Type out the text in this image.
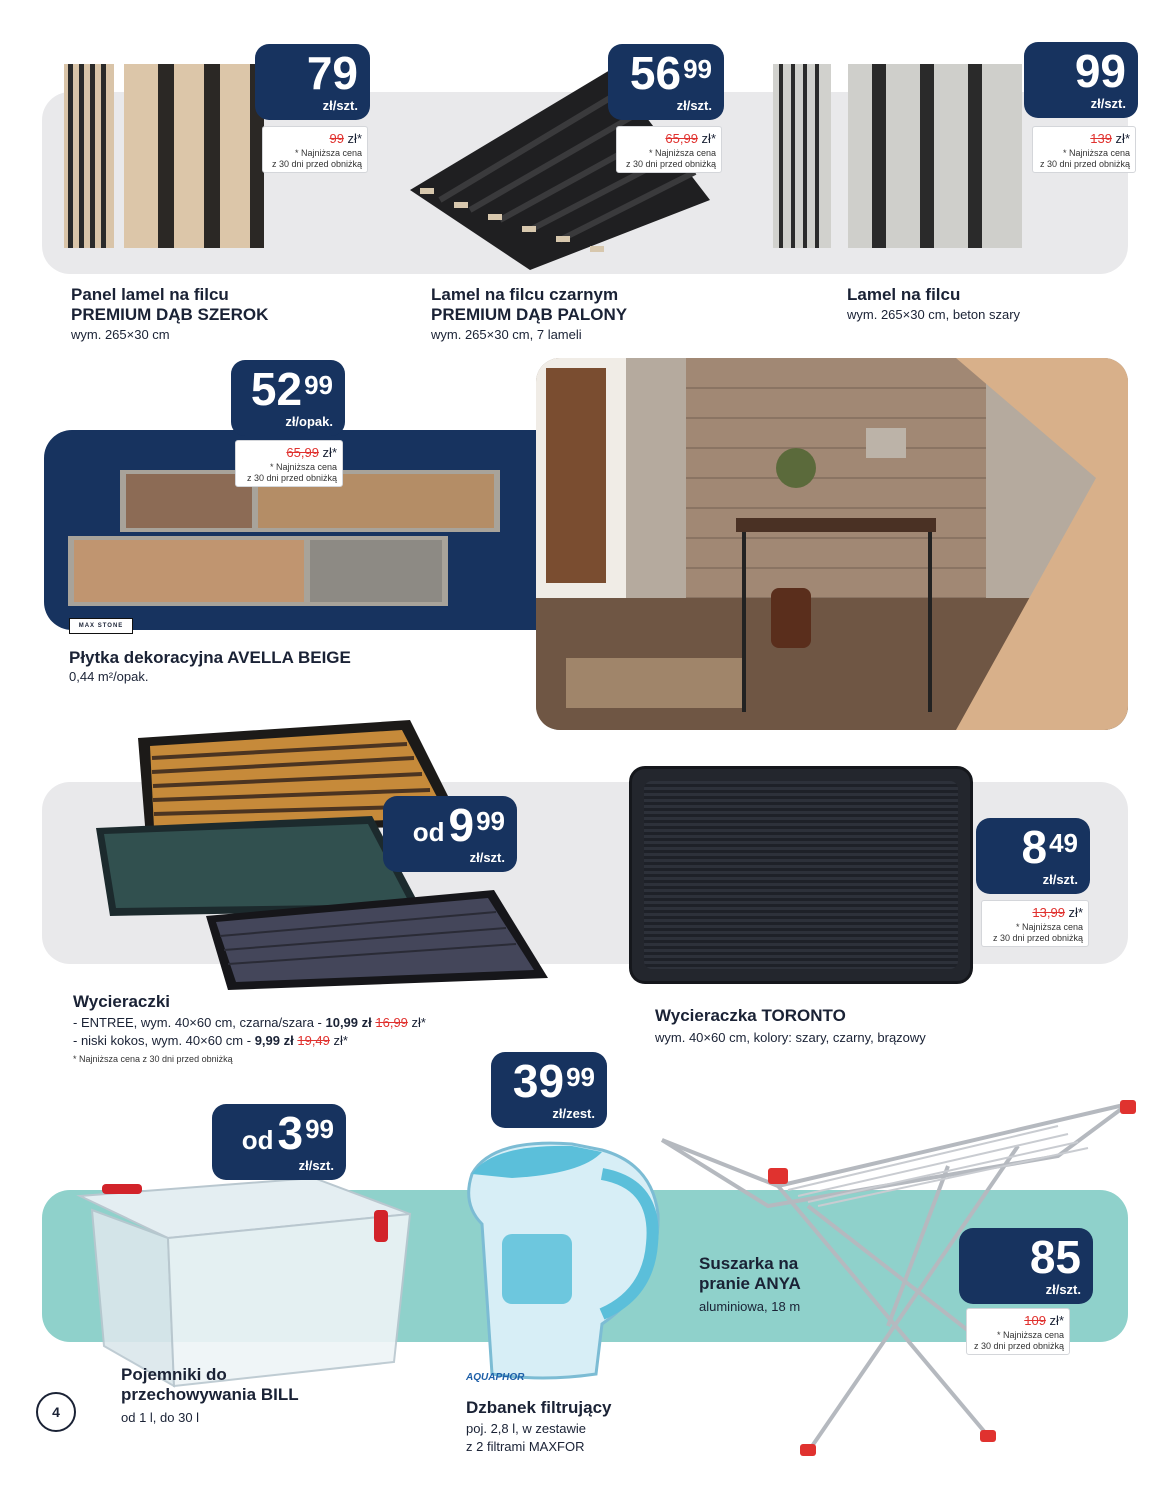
79
zł/szt.
99 zł*
* Najniższa cena
z 30 dni przed obniżką
5699
zł/szt.
65,99 zł*
* Najniższa cena
z 30 dni przed obniżką
99
zł/szt.
139 zł*
* Najniższa cena
z 30 dni przed obniżką
Panel lamel na filcu
PREMIUM DĄB SZEROK
wym. 265×30 cm
Lamel na filcu czarnym
PREMIUM DĄB PALONY
wym. 265×30 cm, 7 lameli
Lamel na filcu
wym. 265×30 cm, beton szary
MAX STONE
5299
zł/opak.
65,99 zł*
* Najniższa cena
z 30 dni przed obniżką
Płytka dekoracyjna AVELLA BEIGE
0,44 m²/opak.
od999
zł/szt.	849
zł/szt.
13,99 zł*
* Najniższa cena
z 30 dni przed obniżką
Wycieraczki
- ENTREE, wym. 40×60 cm, czarna/szara - 10,99 zł 16,99 zł*
- niski kokos, wym. 40×60 cm - 9,99 zł 19,49 zł*
* Najniższa cena z 30 dni przed obniżką
Wycieraczka TORONTO
wym. 40×60 cm, kolory: szary, czarny, brązowy
od399
zł/szt.
AQUAPHOR
3999
zł/zest.
85
zł/szt.
109 zł*
* Najniższa cena
z 30 dni przed obniżką
Suszarka na
pranie ANYA
aluminiowa, 18 m
Pojemniki do
przechowywania BILL
od 1 l, do 30 l
Dzbanek filtrujący
poj. 2,8 l, w zestawie
z 2 filtrami MAXFOR
4
